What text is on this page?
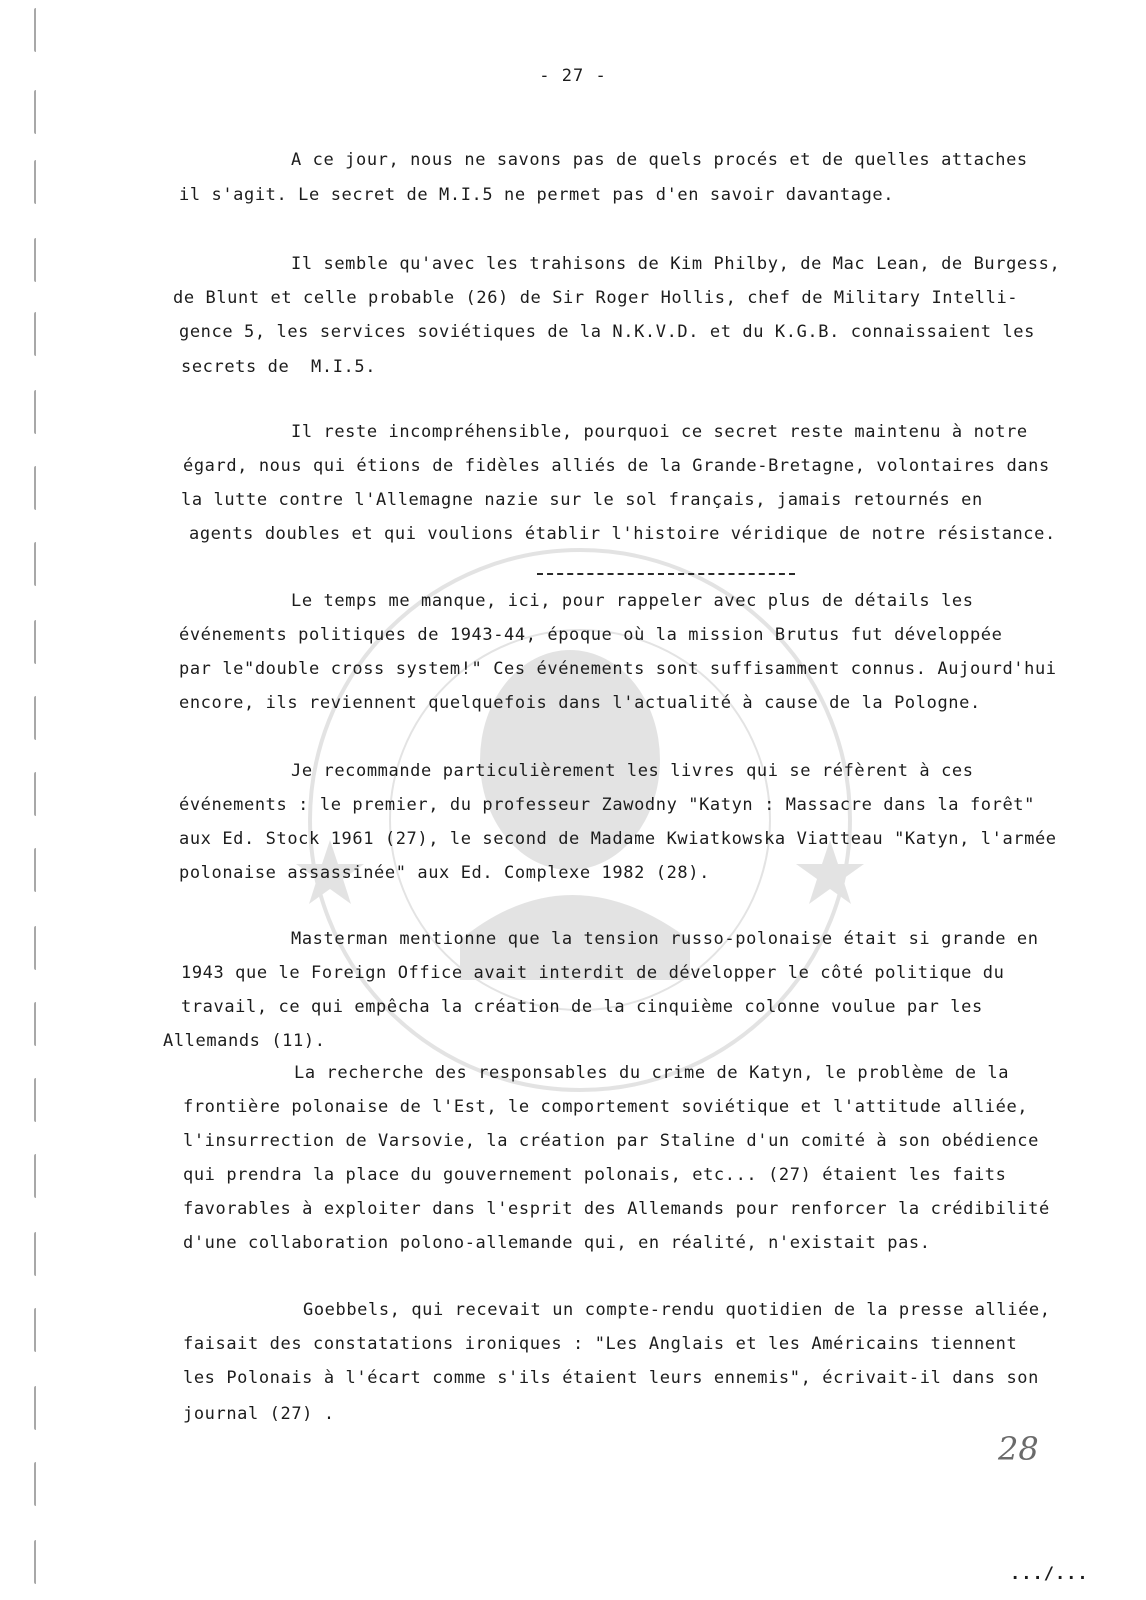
- 27 -
A ce jour, nous ne savons pas de quels procés et de quelles attaches
il s'agit. Le secret de M.I.5 ne permet pas d'en savoir davantage.
Il semble qu'avec les trahisons de Kim Philby, de Mac Lean, de Burgess,
de Blunt et celle probable (26) de Sir Roger Hollis, chef de Military Intelli-
gence 5, les services soviétiques de la N.K.V.D. et du K.G.B. connaissaient les
secrets de  M.I.5.
Il reste incompréhensible, pourquoi ce secret reste maintenu à notre
égard, nous qui étions de fidèles alliés de la Grande-Bretagne, volontaires dans
la lutte contre l'Allemagne nazie sur le sol français, jamais retournés en
agents doubles et qui voulions établir l'histoire véridique de notre résistance.
Le temps me manque, ici, pour rappeler avec plus de détails les
événements politiques de 1943-44, époque où la mission Brutus fut développée
par le"double cross system!" Ces événements sont suffisamment connus. Aujourd'hui
encore, ils reviennent quelquefois dans l'actualité à cause de la Pologne.
Je recommande particulièrement les livres qui se réfèrent à ces
événements : le premier, du professeur Zawodny "Katyn : Massacre dans la forêt"
aux Ed. Stock 1961 (27), le second de Madame Kwiatkowska Viatteau "Katyn, l'armée
polonaise assassinée" aux Ed. Complexe 1982 (28).
Masterman mentionne que la tension russo-polonaise était si grande en
1943 que le Foreign Office avait interdit de développer le côté politique du
travail, ce qui empêcha la création de la cinquième colonne voulue par les
Allemands (11).
La recherche des responsables du crime de Katyn, le problème de la
frontière polonaise de l'Est, le comportement soviétique et l'attitude alliée,
l'insurrection de Varsovie, la création par Staline d'un comité à son obédience
qui prendra la place du gouvernement polonais, etc... (27) étaient les faits
favorables à exploiter dans l'esprit des Allemands pour renforcer la crédibilité
d'une collaboration polono-allemande qui, en réalité, n'existait pas.
Goebbels, qui recevait un compte-rendu quotidien de la presse alliée,
faisait des constatations ironiques : "Les Anglais et les Américains tiennent
les Polonais à l'écart comme s'ils étaient leurs ennemis", écrivait-il dans son
journal (27) .
28
.../...
